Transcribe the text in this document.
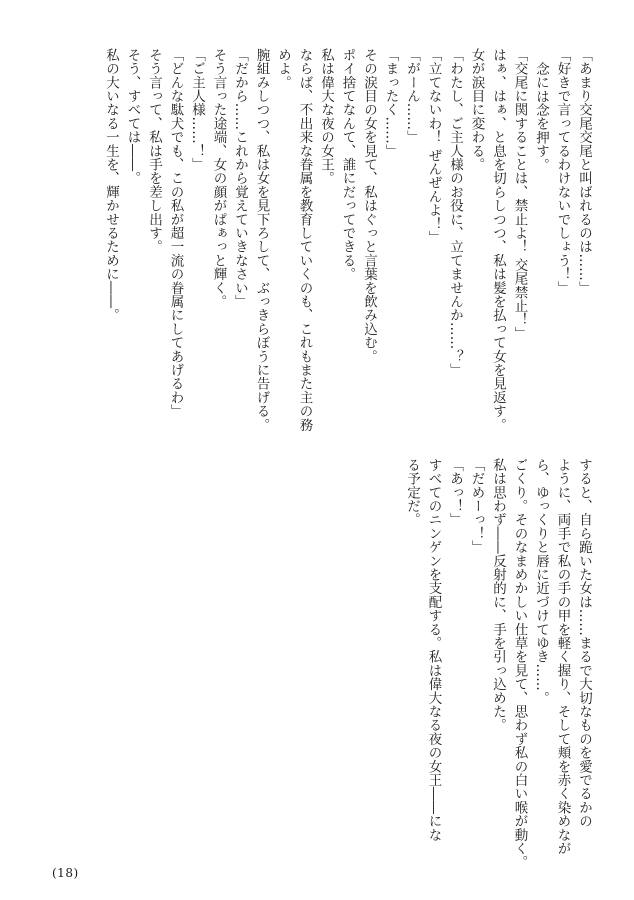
「あまり交尾交尾と叫ばれるのは……」
「好きで言ってるわけないでしょう！」
念には念を押す。
「交尾に関することは、禁止よ！ 交尾禁止！」
はぁ、はぁ、と息を切らしつつ、私は髪を払って女を見返す。
女が涙目に変わる。
「わたし、ご主人様のお役に、立てませんか……？」
「立てないわ！ ぜんぜんよ！」
「がーん……」
「まったく……」
その涙目の女を見て、私はぐっと言葉を飲み込む。
ポイ捨てなんて、誰にだってできる。
私は偉大な夜の女王。
ならば、不出来な眷属を教育していくのも、これもまた主の務
めよ。
腕組みしつつ、私は女を見下ろして、ぶっきらぼうに告げる。
「だから……これから覚えていきなさい」
そう言った途端、女の顔がぱぁっと輝く。
「ご主人様……！」
「どんな駄犬でも、この私が超一流の眷属にしてあげるわ」
そう言って、私は手を差し出す。
そう、すべては――。
私の大いなる一生を、輝かせるために――。
すると、自ら跪いた女は……まるで大切なものを愛でるかの
ように、両手で私の手の甲を軽く握り、そして頬を赤く染めなが
ら、ゆっくりと唇に近づけてゆき……。
ごくり。そのなまめかしい仕草を見て、思わず私の白い喉が動く。
私は思わず――反射的に、手を引っ込めた。
「だめーっ！」
「あっ！」
すべてのニンゲンを支配する。私は偉大なる夜の女王――にな
る予定だ。
(18)
